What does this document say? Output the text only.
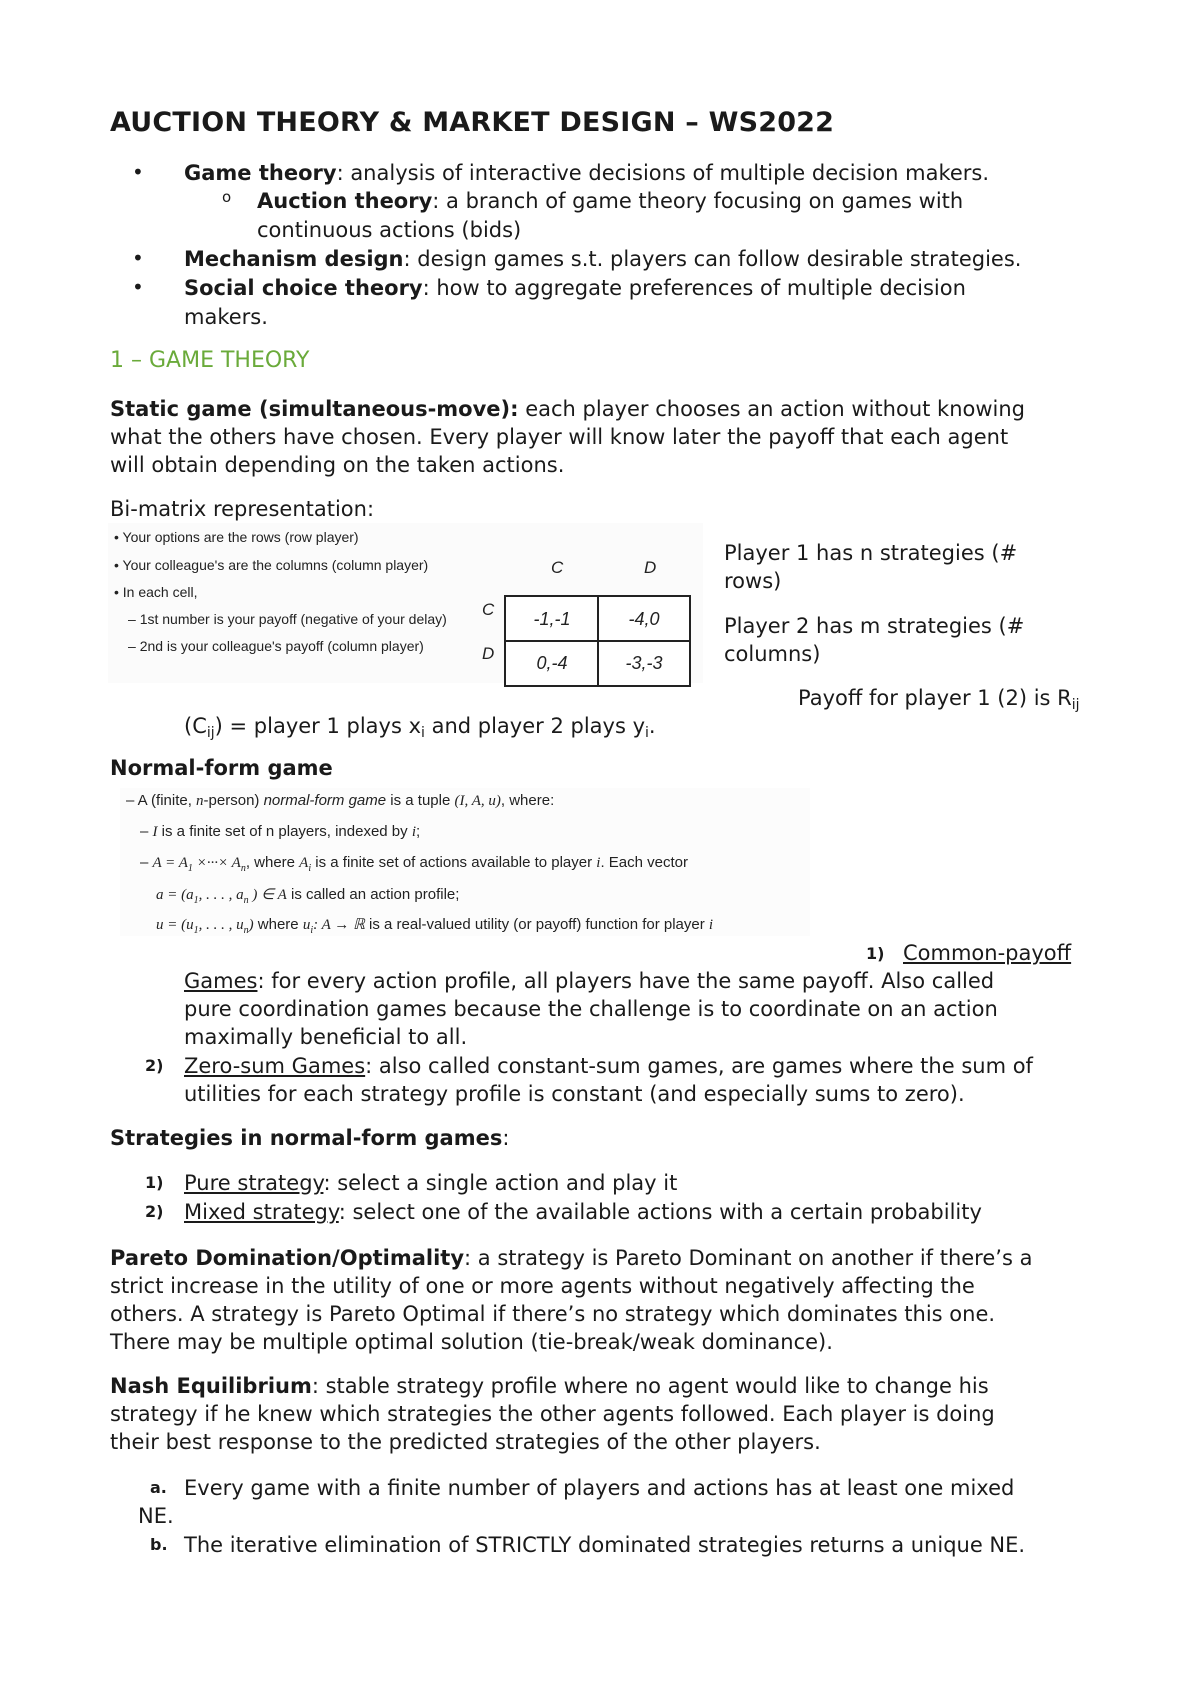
AUCTION THEORY & MARKET DESIGN – WS2022
• Game theory: analysis of interactive decisions of multiple decision makers.
o Auction theory: a branch of game theory focusing on games with
continuous actions (bids)
• Mechanism design: design games s.t. players can follow desirable strategies.
• Social choice theory: how to aggregate preferences of multiple decision
makers.
1 – GAME THEORY
Static game (simultaneous-move): each player chooses an action without knowing
what the others have chosen. Every player will know later the payoff that each agent
will obtain depending on the taken actions.
Bi-matrix representation:
• Your options are the rows (row player)
• Your colleague's are the columns (column player)
• In each cell,
– 1st number is your payoff (negative of your delay)
– 2nd is your colleague's payoff (column player)
C	D
C
D
-1,-1	-4,0
0,-4	-3,-3
Player 1 has n strategies (#
rows)
Player 2 has m strategies (#
columns)
Payoff for player 1 (2) is Rij
(Cij) = player 1 plays xi and player 2 plays yi.
Normal-form game
– A (finite, n-person) normal-form game is a tuple (I, A, u), where:
– I is a finite set of n players, indexed by i;
– $A = A_1$ ×···× $A_n$, where $A_i$ is a finite set of actions available to player i. Each vector
$a = (a_1$, . . . , $a_n$ ) ∈ A is called an action profile;
$u = (u_1$, . . . , $u_n$) where $u_i$: A → ℝ is a real-valued utility (or payoff) function for player i
1) Common-payoff
Games: for every action profile, all players have the same payoff. Also called
pure coordination games because the challenge is to coordinate on an action
maximally beneficial to all.
2) Zero-sum Games: also called constant-sum games, are games where the sum of
utilities for each strategy profile is constant (and especially sums to zero).
Strategies in normal-form games:
1) Pure strategy: select a single action and play it
2) Mixed strategy: select one of the available actions with a certain probability
Pareto Domination/Optimality: a strategy is Pareto Dominant on another if there’s a
strict increase in the utility of one or more agents without negatively affecting the
others. A strategy is Pareto Optimal if there’s no strategy which dominates this one.
There may be multiple optimal solution (tie-break/weak dominance).
Nash Equilibrium: stable strategy profile where no agent would like to change his
strategy if he knew which strategies the other agents followed. Each player is doing
their best response to the predicted strategies of the other players.
a. Every game with a finite number of players and actions has at least one mixed
NE.
b. The iterative elimination of STRICTLY dominated strategies returns a unique NE.
